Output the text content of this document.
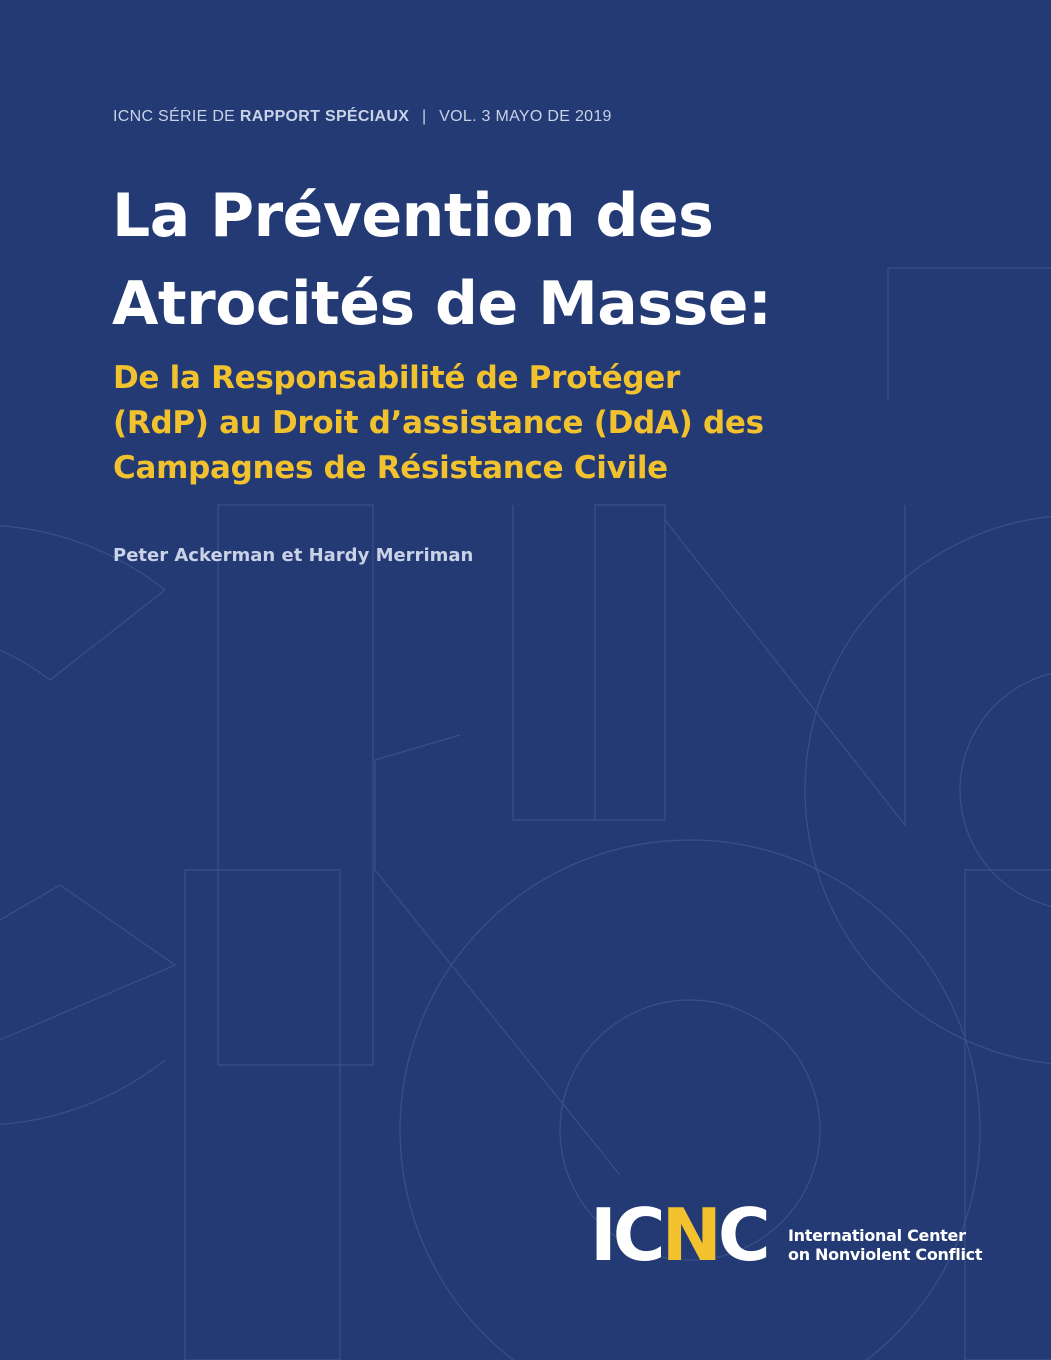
ICNC SÉRIE DE RAPPORT SPÉCIAUX | VOL. 3 MAYO DE 2019
La Prévention des
Atrocités de Masse:
De la Responsabilité de Protéger
(RdP) au Droit d’assistance (DdA) des
Campagnes de Résistance Civile
Peter Ackerman et Hardy Merriman
ICNC International Center
on Nonviolent Conflict
